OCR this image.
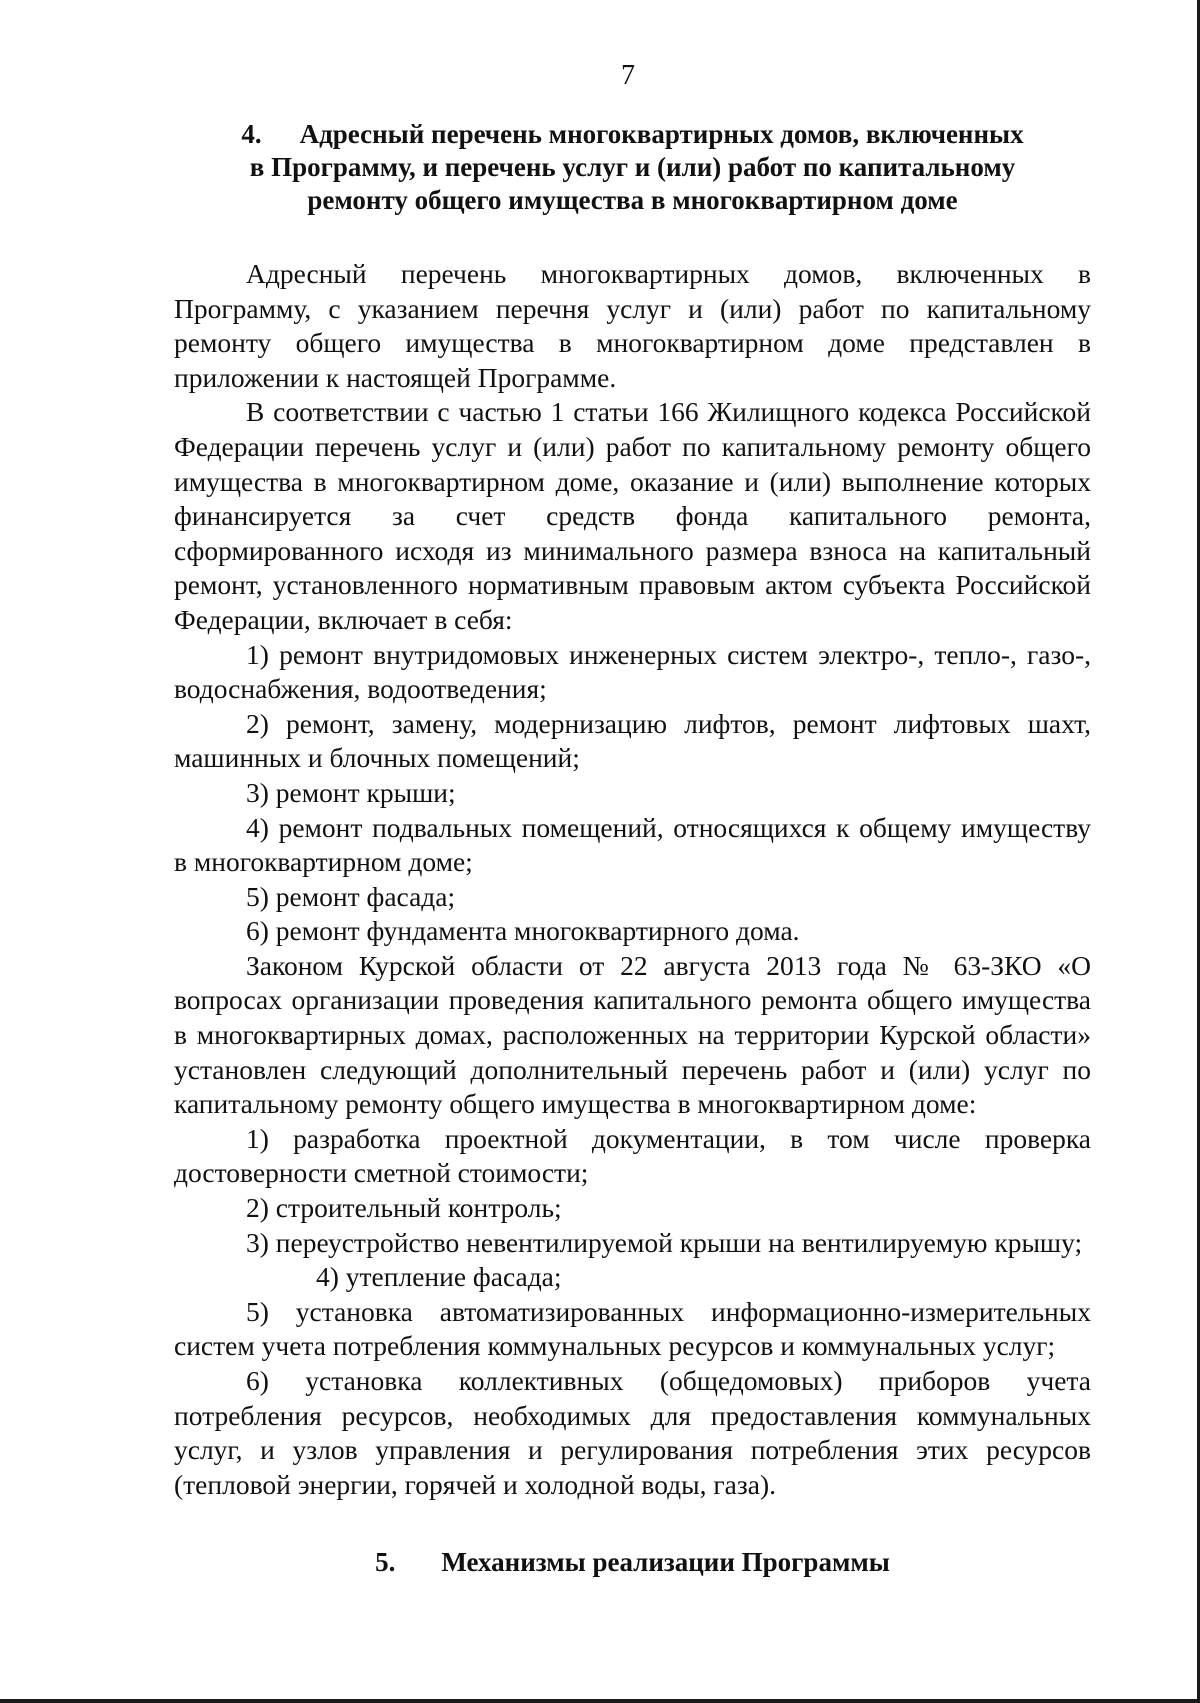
7
4. Адресный перечень многоквартирных домов, включенных
в Программу, и перечень услуг и (или) работ по капитальному
ремонту общего имущества в многоквартирном доме

Адресный перечень многоквартирных домов, включенных в Программу, с указанием перечня услуг и (или) работ по капитальному ремонту общего имущества в многоквартирном доме представлен в приложении к настоящей Программе.

В соответствии с частью 1 статьи 166 Жилищного кодекса Российской Федерации перечень услуг и (или) работ по капитальному ремонту общего имущества в многоквартирном доме, оказание и (или) выполнение которых финансируется за счет средств фонда капитального ремонта, сформированного исходя из минимального размера взноса на капитальный ремонт, установленного нормативным правовым актом субъекта Российской Федерации, включает в себя:

1) ремонт внутридомовых инженерных систем электро-, тепло-, газо-, водоснабжения, водоотведения;

2) ремонт, замену, модернизацию лифтов, ремонт лифтовых шахт, машинных и блочных помещений;

3) ремонт крыши;

4) ремонт подвальных помещений, относящихся к общему имуществу в многоквартирном доме;

5) ремонт фасада;

6) ремонт фундамента многоквартирного дома.

Законом Курской области от 22 августа 2013 года № 63-ЗКО «О вопросах организации проведения капитального ремонта общего имущества в многоквартирных домах, расположенных на территории Курской области» установлен следующий дополнительный перечень работ и (или) услуг по капитальному ремонту общего имущества в многоквартирном доме:

1) разработка проектной документации, в том числе проверка достоверности сметной стоимости;

2) строительный контроль;

3) переустройство невентилируемой крыши на вентилируемую крышу;

4) утепление фасада;

5) установка автоматизированных информационно-измерительных систем учета потребления коммунальных ресурсов и коммунальных услуг;

6) установка коллективных (общедомовых) приборов учета потребления ресурсов, необходимых для предоставления коммунальных услуг, и узлов управления и регулирования потребления этих ресурсов (тепловой энергии, горячей и холодной воды, газа).

5. Механизмы реализации Программы
